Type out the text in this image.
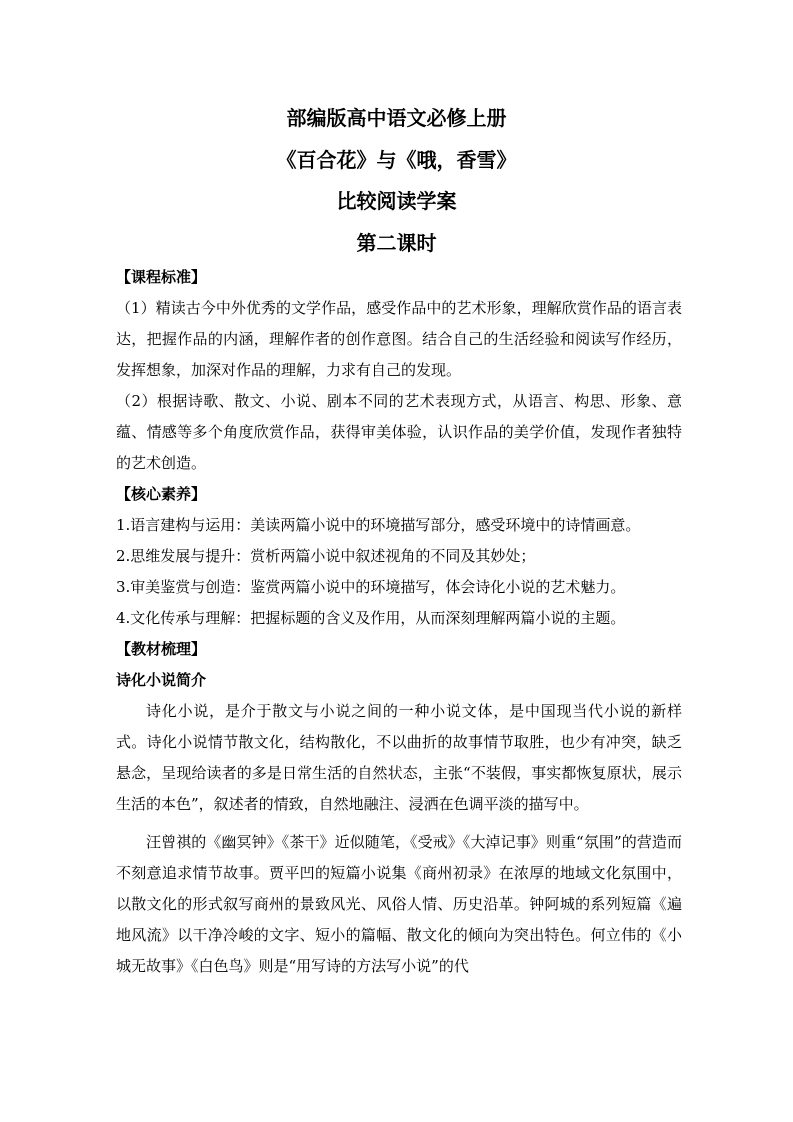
部编版高中语文必修上册
《百合花》与《哦，香雪》
比较阅读学案
第二课时
【课程标准】

（1）精读古今中外优秀的文学作品，感受作品中的艺术形象，理解欣赏作品的语言表达，把握作品的内涵，理解作者的创作意图。结合自己的生活经验和阅读写作经历，发挥想象，加深对作品的理解，力求有自己的发现。

（2）根据诗歌、散文、小说、剧本不同的艺术表现方式，从语言、构思、形象、意蕴、情感等多个角度欣赏作品，获得审美体验，认识作品的美学价值，发现作者独特的艺术创造。

【核心素养】
1.语言建构与运用：美读两篇小说中的环境描写部分，感受环境中的诗情画意。
2.思维发展与提升：赏析两篇小说中叙述视角的不同及其妙处；
3.审美鉴赏与创造：鉴赏两篇小说中的环境描写，体会诗化小说的艺术魅力。
4.文化传承与理解：把握标题的含义及作用，从而深刻理解两篇小说的主题。
【教材梳理】
诗化小说简介

诗化小说，是介于散文与小说之间的一种小说文体，是中国现当代小说的新样式。诗化小说情节散文化，结构散化，不以曲折的故事情节取胜，也少有冲突，缺乏悬念，呈现给读者的多是日常生活的自然状态，主张“不装假，事实都恢复原状，展示生活的本色”，叙述者的情致，自然地融注、浸洒在色调平淡的描写中。

汪曾祺的《幽冥钟》《茶干》近似随笔，《受戒》《大淖记事》则重“氛围”的营造而不刻意追求情节故事。贾平凹的短篇小说集《商州初录》在浓厚的地域文化氛围中，以散文化的形式叙写商州的景致风光、风俗人情、历史沿革。钟阿城的系列短篇《遍地风流》以干净冷峻的文字、短小的篇幅、散文化的倾向为突出特色。何立伟的《小城无故事》《白色鸟》则是“用写诗的方法写小说”的代
